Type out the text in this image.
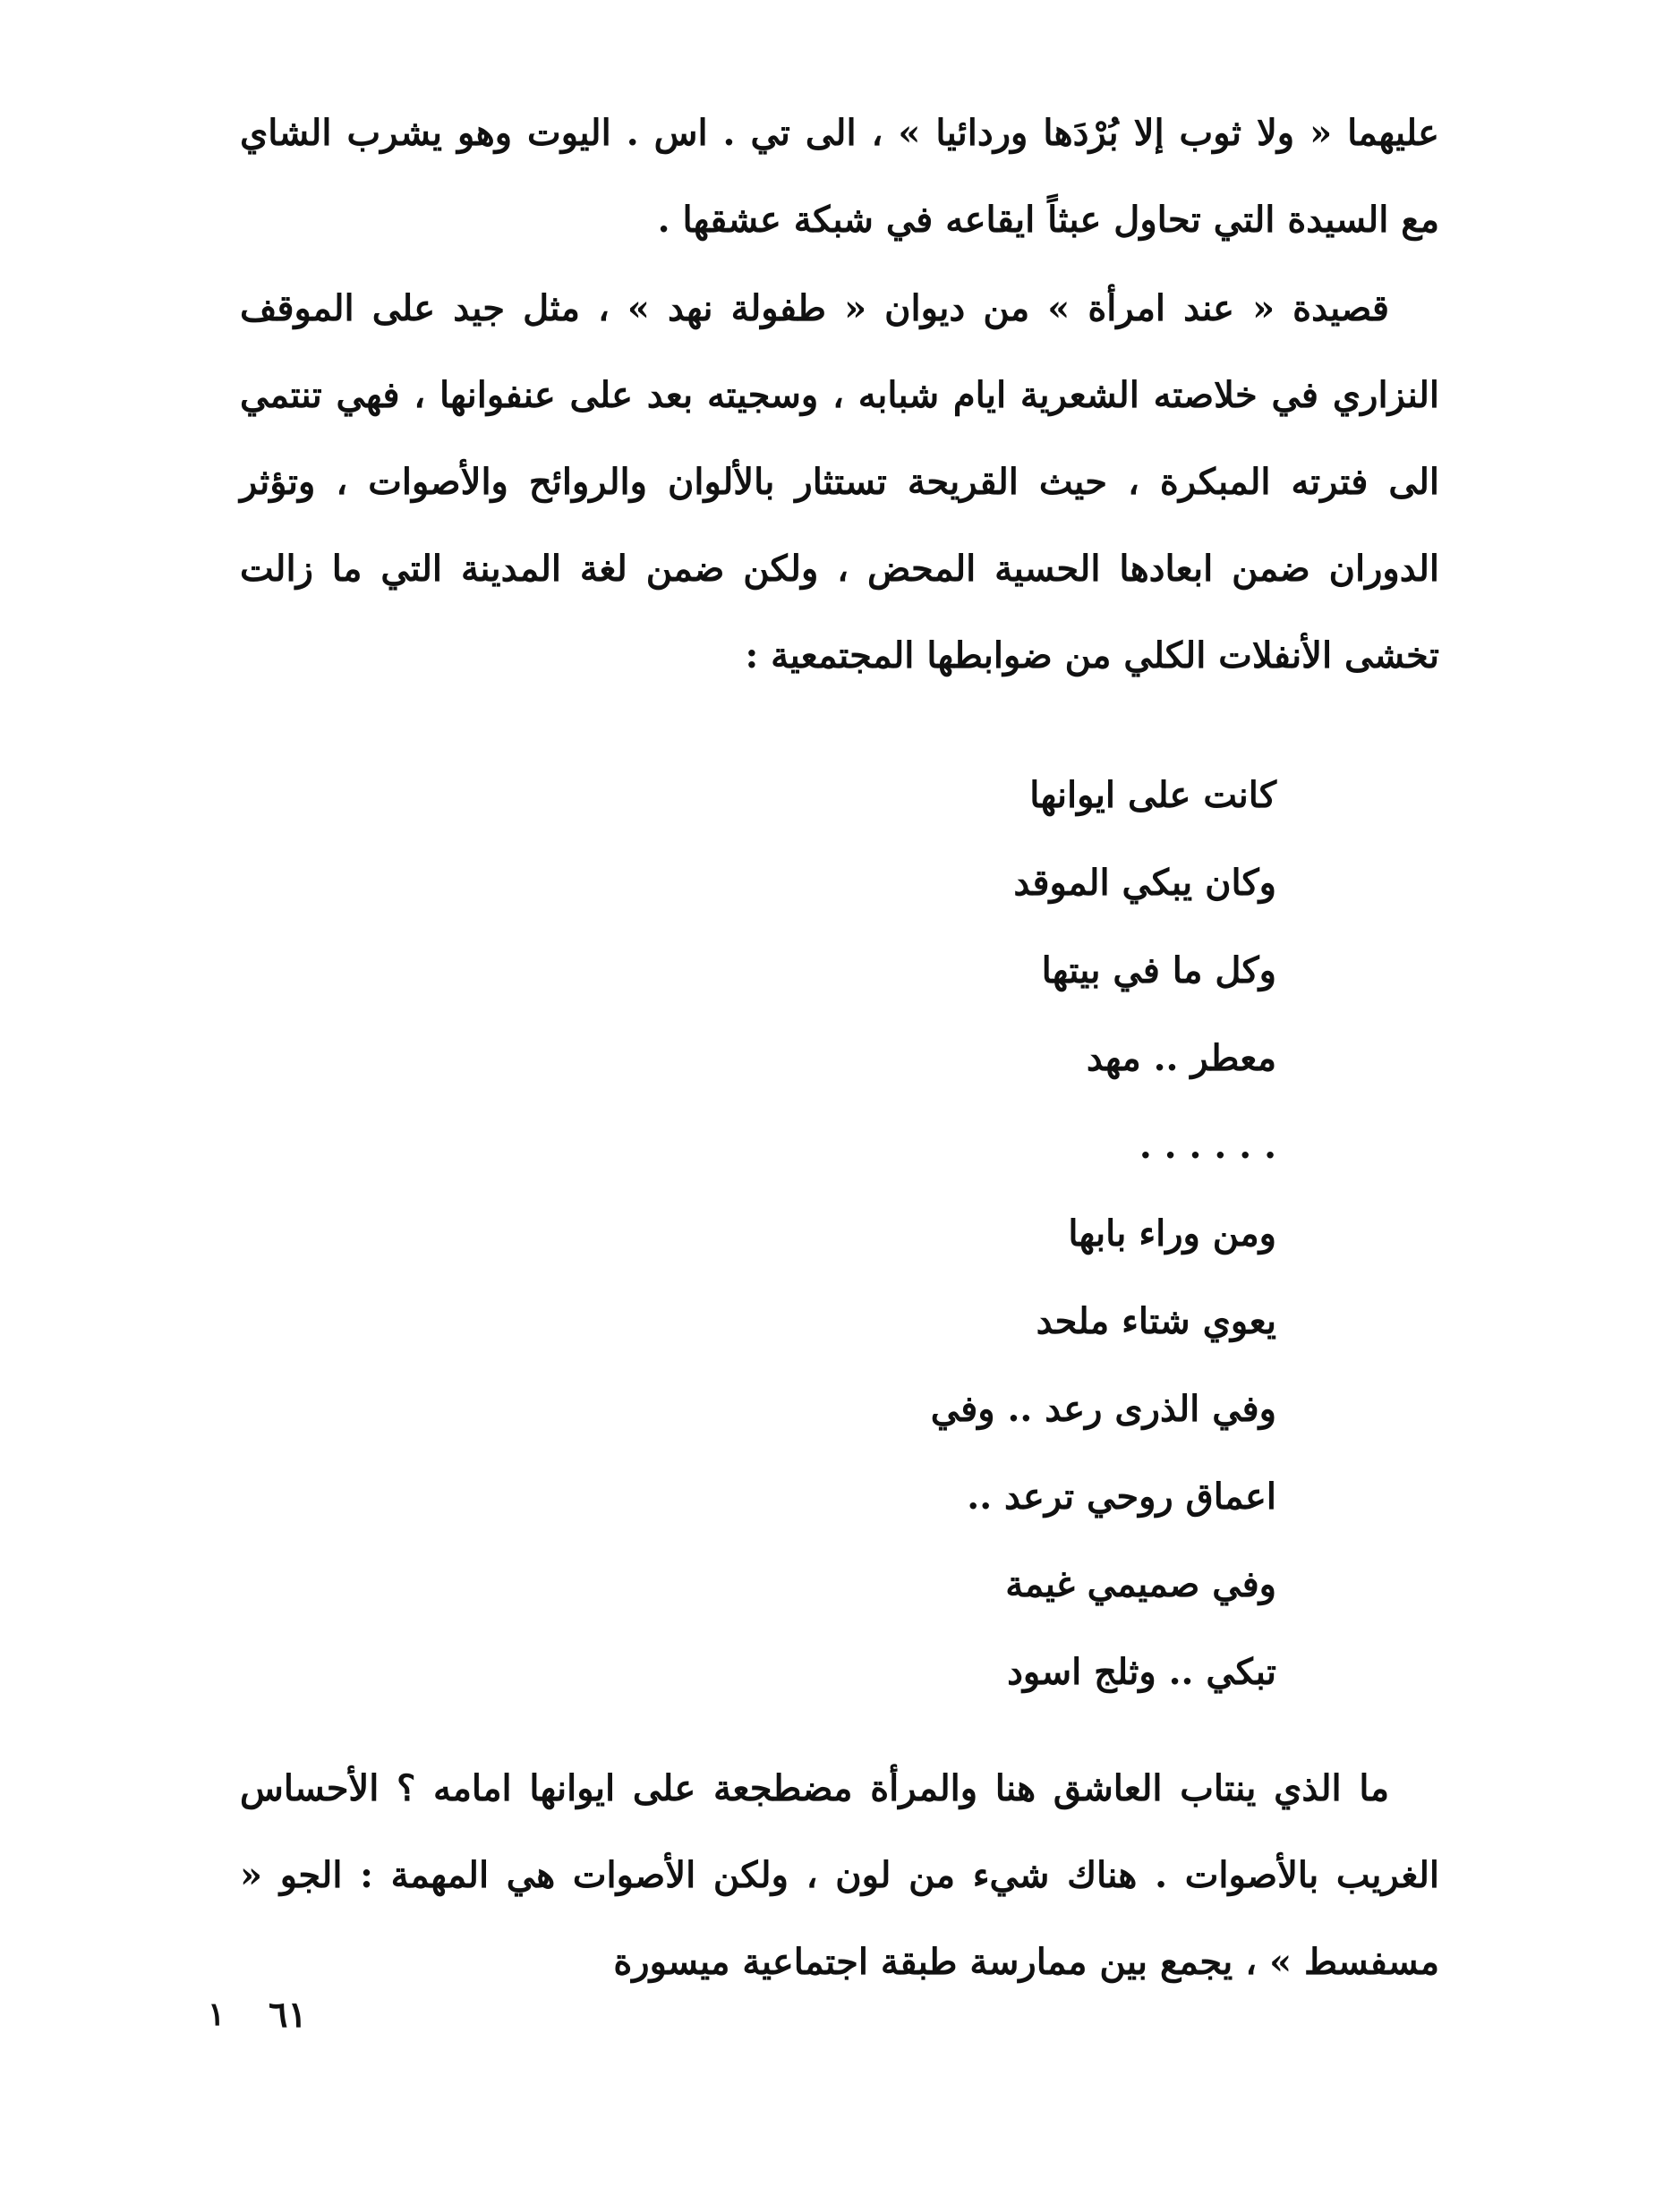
عليهما « ولا ثوب إلا بُرْدَها وردائيا » ، الى تي . اس . اليوت وهو يشرب الشاي مع السيدة التي تحاول عبثاً ايقاعه في شبكة عشقها .

قصيدة « عند امرأة » من ديوان « طفولة نهد » ، مثل جيد على الموقف النزاري في خلاصته الشعرية ايام شبابه ، وسجيته بعد على عنفوانها ، فهي تنتمي الى فترته المبكرة ، حيث القريحة تستثار بالألوان والروائح والأصوات ، وتؤثر الدوران ضمن ابعادها الحسية المحض ، ولكن ضمن لغة المدينة التي ما زالت تخشى الأنفلات الكلي من ضوابطها المجتمعية :

كانت على ايوانها
وكان يبكي الموقد
وكل ما في بيتها
معطر .. مهد
. . . . . .
ومن وراء بابها
يعوي شتاء ملحد
وفي الذرى رعد .. وفي
اعماق روحي ترعد ..
وفي صميمي غيمة
تبكي .. وثلج اسود

ما الذي ينتاب العاشق هنا والمرأة مضطجعة على ايوانها امامه ؟ الأحساس الغريب بالأصوات . هناك شيء من لون ، ولكن الأصوات هي المهمة : الجو « مسفسط » ، يجمع بين ممارسة طبقة اجتماعية ميسورة

٦١
١
